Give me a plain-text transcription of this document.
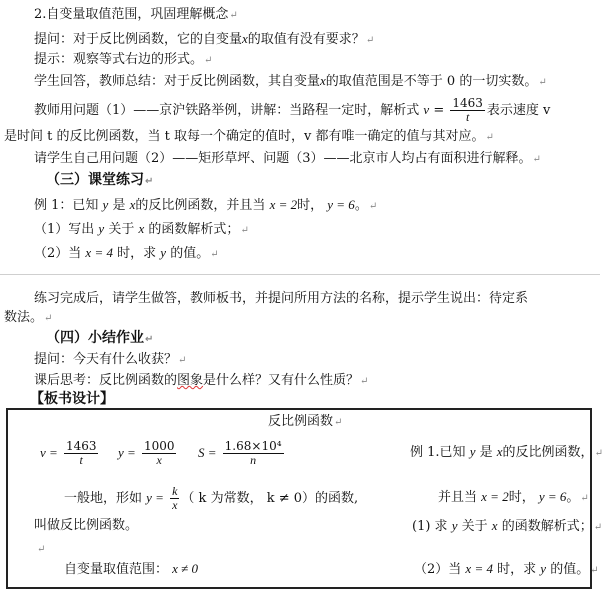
2.自变量取值范围，巩固理解概念↵
提问：对于反比例函数，它的自变量x的取值有没有要求？↵
提示：观察等式右边的形式。↵
学生回答，教师总结：对于反比例函数，其自变量x的取值范围是不等于 0 的一切实数。↵
教师用问题（1）——京沪铁路举例，讲解：当路程一定时，解析式 $v = \frac{1463}{t}$ 表示速度 v
是时间 t 的反比例函数，当 t 取每一个确定的值时，v 都有唯一确定的值与其对应。↵
请学生自己用问题（2）——矩形草坪、问题（3）——北京市人均占有面积进行解释。↵
（三）课堂练习↵
例 1：已知 y 是 x的反比例函数，并且当 x = 2时， y = 6。↵
（1）写出 y 关于 x 的函数解析式；↵
（2）当 x = 4 时，求 y 的值。↵
练习完成后，请学生做答，教师板书，并提问所用方法的名称，提示学生说出：待定系
数法。↵
（四）小结作业↵
提问：今天有什么收获？↵
课后思考：反比例函数的图象是什么样？又有什么性质？↵
【板书设计】
反比例函数↵
$v = \frac{1463}{t}$ $y = \frac{1000}{x}$ $S = \frac{\text{1.68×10⁴}}{n}$	例 1.已知 y 是 x的反比例函数，↵
一般地，形如 $y = \frac{k}{x}$ （ k 为常数， k ≠ 0）的函数,	并且当 x = 2时， y = 6。↵
叫做反比例函数。	(1) 求 y 关于 x 的函数解析式；↵
↵
自变量取值范围： x ≠ 0	（2）当 x = 4 时，求 y 的值。↵
